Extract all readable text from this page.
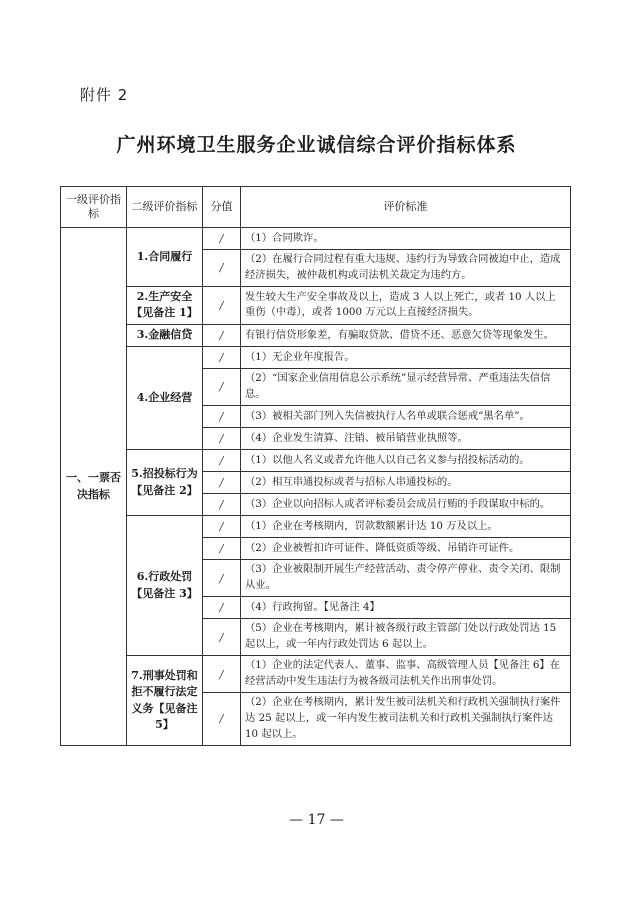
附件 2
广州环境卫生服务企业诚信综合评价指标体系
一级评价指标	二级评价指标	分值	评价标准
一、一票否决指标	1.合同履行	/	（1）合同欺诈。
		/	（2）在履行合同过程有重大违规、违约行为导致合同被迫中止，造成经济损失，被仲裁机构或司法机关裁定为违约方。
	2.生产安全【见备注 1】	/	发生较大生产安全事故及以上，造成 3 人以上死亡，或者 10 人以上重伤（中毒），或者 1000 万元以上直接经济损失。
	3.金融信贷	/	有银行信贷形象差，有骗取贷款、借贷不还、恶意欠贷等现象发生。
	4.企业经营	/	（1）无企业年度报告。
		/	（2）“国家企业信用信息公示系统”显示经营异常、严重违法失信信息。
		/	（3）被相关部门列入失信被执行人名单或联合惩戒“黑名单”。
		/	（4）企业发生清算、注销、被吊销营业执照等。
	5.招投标行为【见备注 2】	/	（1）以他人名义或者允许他人以自己名义参与招投标活动的。
		/	（2）相互串通投标或者与招标人串通投标的。
		/	（3）企业以向招标人或者评标委员会成员行贿的手段谋取中标的。
	6.行政处罚【见备注 3】	/	（1）企业在考核期内，罚款数额累计达 10 万及以上。
		/	（2）企业被暂扣许可证件、降低资质等级、吊销许可证件。
		/	（3）企业被限制开展生产经营活动、责令停产停业、责令关闭、限制从业。
		/	（4）行政拘留。【见备注 4】
		/	（5）企业在考核期内，累计被各级行政主管部门处以行政处罚达 15 起以上，或一年内行政处罚达 6 起以上。
	7.刑事处罚和拒不履行法定义务【见备注 5】	/	（1）企业的法定代表人、董事、监事、高级管理人员【见备注 6】在经营活动中发生违法行为被各级司法机关作出刑事处罚。
		/	（2）企业在考核期内，累计发生被司法机关和行政机关强制执行案件达 25 起以上，或一年内发生被司法机关和行政机关强制执行案件达 10 起以上。
— 17 —
